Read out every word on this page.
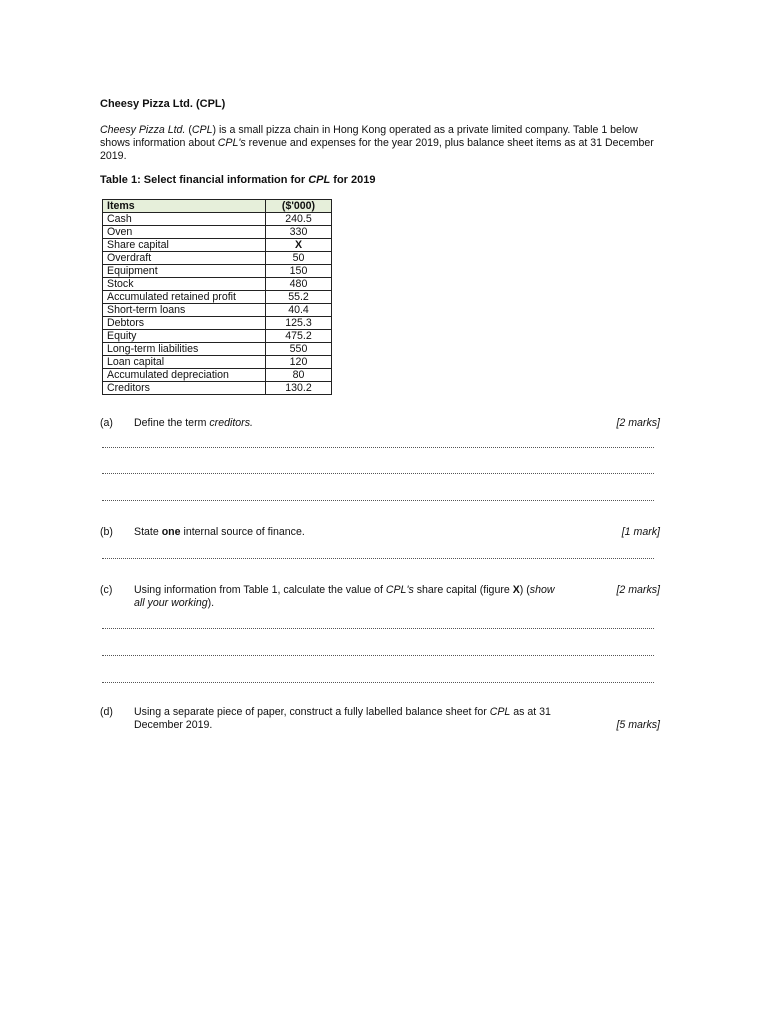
Cheesy Pizza Ltd. (CPL)
Cheesy Pizza Ltd. (CPL) is a small pizza chain in Hong Kong operated as a private limited company. Table 1 below shows information about CPL's revenue and expenses for the year 2019, plus balance sheet items as at 31 December 2019.
Table 1: Select financial information for CPL for 2019
Items	($'000)
Cash	240.5
Oven	330
Share capital	X
Overdraft	50
Equipment	150
Stock	480
Accumulated retained profit	55.2
Short-term loans	40.4
Debtors	125.3
Equity	475.2
Long-term liabilities	550
Loan capital	120
Accumulated depreciation	80
Creditors	130.2
(a) Define the term creditors.	[2 marks]
(b) State one internal source of finance.	[1 mark]
(c) Using information from Table 1, calculate the value of CPL's share capital (figure X) (show
all your working).
[2 marks]
(d) Using a separate piece of paper, construct a fully labelled balance sheet for CPL as at 31
December 2019.	[5 marks]
